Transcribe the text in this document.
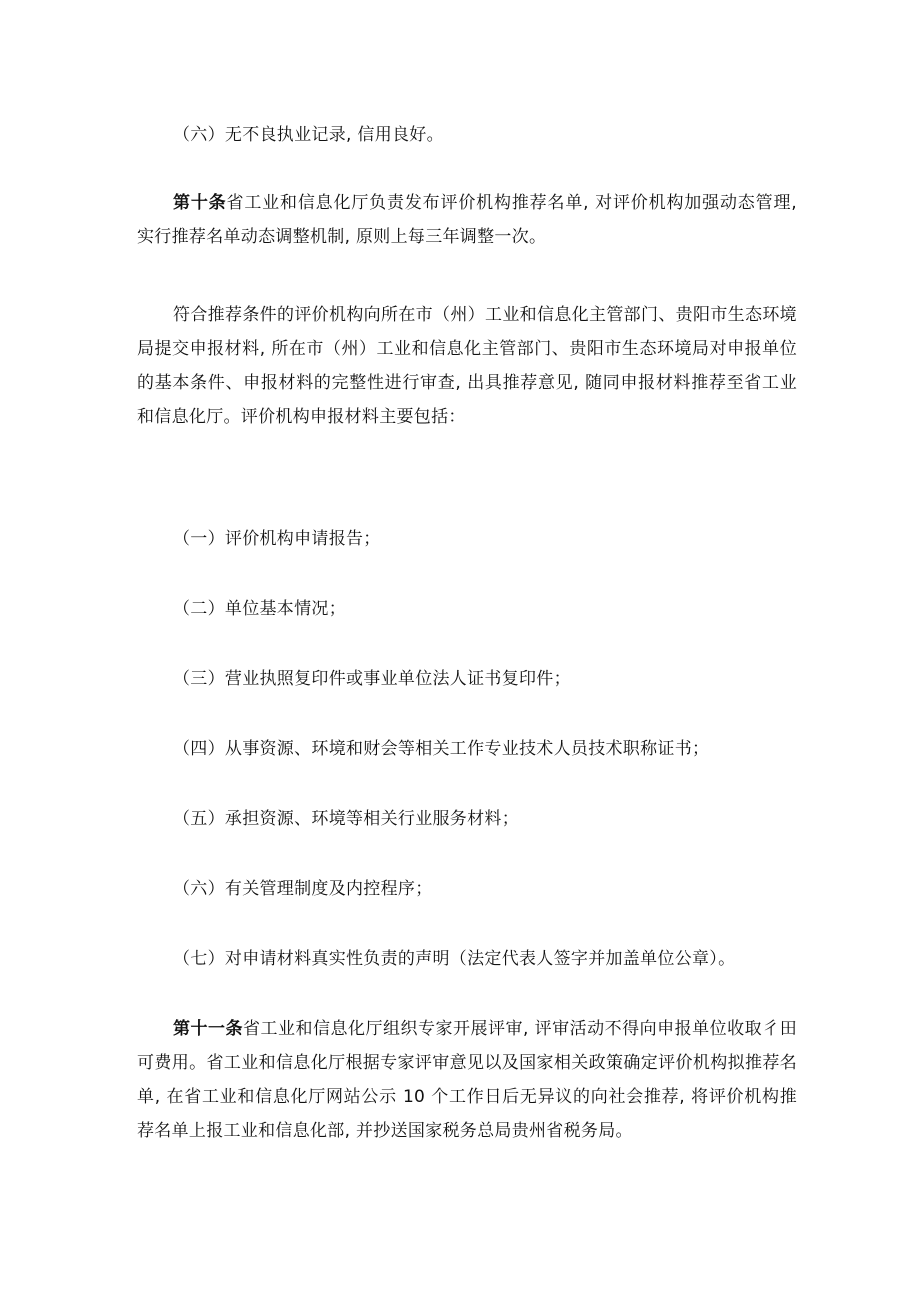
（六）无不良执业记录, 信用良好。

第十条省工业和信息化厅负责发布评价机构推荐名单, 对评价机构加强动态管理, 实行推荐名单动态调整机制, 原则上每三年调整一次。

符合推荐条件的评价机构向所在市（州）工业和信息化主管部门、贵阳市生态环境局提交申报材料, 所在市（州）工业和信息化主管部门、贵阳市生态环境局对申报单位的基本条件、申报材料的完整性进行审查, 出具推荐意见, 随同申报材料推荐至省工业和信息化厅。评价机构申报材料主要包括：

（一）评价机构申请报告；

（二）单位基本情况；

（三）营业执照复印件或事业单位法人证书复印件；

（四）从事资源、环境和财会等相关工作专业技术人员技术职称证书；

（五）承担资源、环境等相关行业服务材料；

（六）有关管理制度及内控程序；

（七）对申请材料真实性负责的声明（法定代表人签字并加盖单位公章）。

第十一条省工业和信息化厅组织专家开展评审, 评审活动不得向申报单位收取彳田可费用。省工业和信息化厅根据专家评审意见以及国家相关政策确定评价机构拟推荐名单, 在省工业和信息化厅网站公示 10 个工作日后无异议的向社会推荐, 将评价机构推荐名单上报工业和信息化部, 并抄送国家税务总局贵州省税务局。
